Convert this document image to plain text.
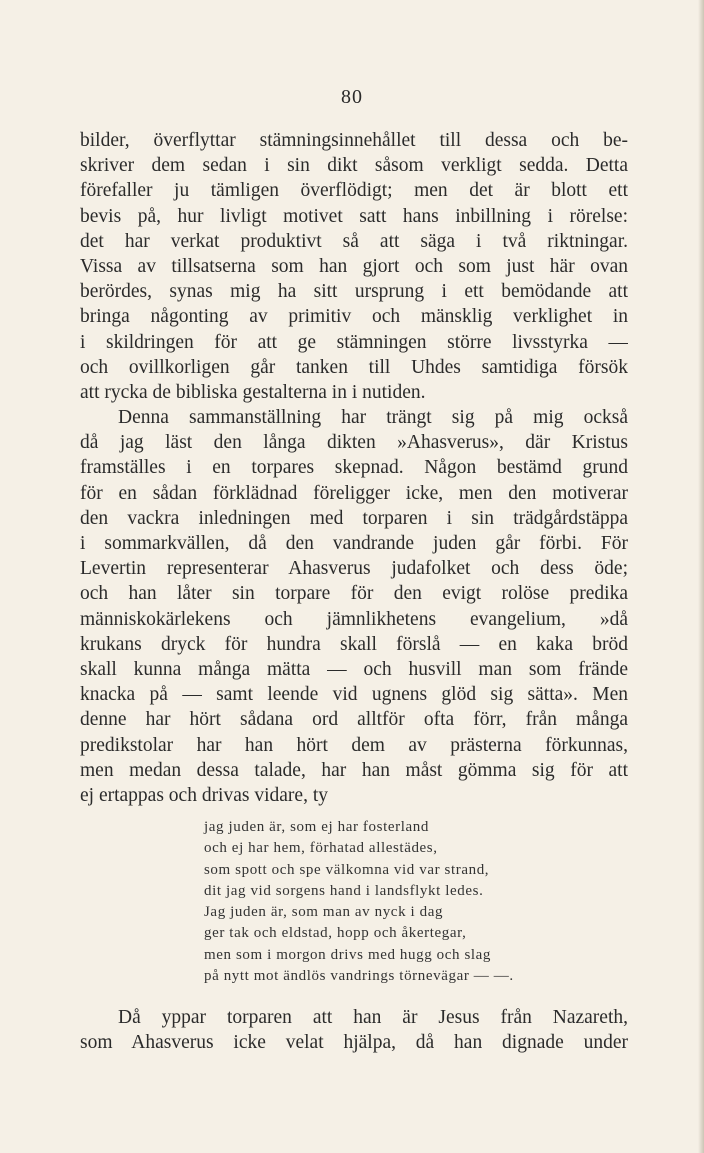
80
bilder, överflyttar stämningsinnehållet till dessa och be-
skriver dem sedan i sin dikt såsom verkligt sedda. Detta
förefaller ju tämligen överflödigt; men det är blott ett
bevis på, hur livligt motivet satt hans inbillning i rörelse:
det har verkat produktivt så att säga i två riktningar.
Vissa av tillsatserna som han gjort och som just här ovan
berördes, synas mig ha sitt ursprung i ett bemödande att
bringa någonting av primitiv och mänsklig verklighet in
i skildringen för att ge stämningen större livsstyrka —
och ovillkorligen går tanken till Uhdes samtidiga försök
att rycka de bibliska gestalterna in i nutiden.
Denna sammanställning har trängt sig på mig också
då jag läst den långa dikten »Ahasverus», där Kristus
framställes i en torpares skepnad. Någon bestämd grund
för en sådan förklädnad föreligger icke, men den motiverar
den vackra inledningen med torparen i sin trädgårdstäppa
i sommarkvällen, då den vandrande juden går förbi. För
Levertin representerar Ahasverus judafolket och dess öde;
och han låter sin torpare för den evigt rolöse predika
människokärlekens och jämnlikhetens evangelium, »då
krukans dryck för hundra skall förslå — en kaka bröd
skall kunna många mätta — och husvill man som frände
knacka på — samt leende vid ugnens glöd sig sätta». Men
denne har hört sådana ord alltför ofta förr, från många
predikstolar har han hört dem av prästerna förkunnas,
men medan dessa talade, har han måst gömma sig för att
ej ertappas och drivas vidare, ty
jag juden är, som ej har fosterland
och ej har hem, förhatad allestädes,
som spott och spe välkomna vid var strand,
dit jag vid sorgens hand i landsflykt ledes.
Jag juden är, som man av nyck i dag
ger tak och eldstad, hopp och åkertegar,
men som i morgon drivs med hugg och slag
på nytt mot ändlös vandrings törnevägar — —.
Då yppar torparen att han är Jesus från Nazareth,
som Ahasverus icke velat hjälpa, då han dignade under
